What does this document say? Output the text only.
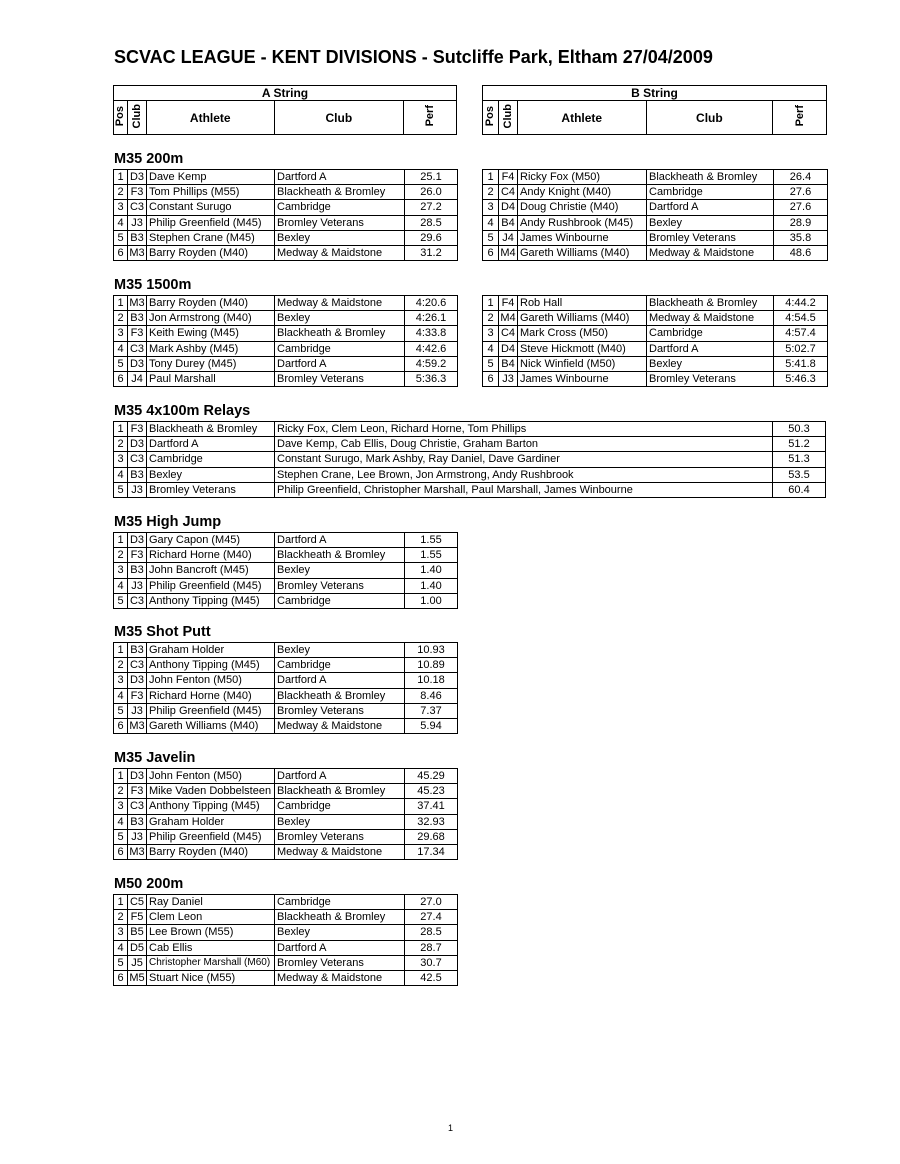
SCVAC LEAGUE - KENT DIVISIONS - Sutcliffe Park, Eltham 27/04/2009
A String
Pos	Club	Athlete	Club	Perf
B String
Pos	Club	Athlete	Club	Perf
M35 200m
1	D3	Dave Kemp	Dartford A	25.1
2	F3	Tom Phillips (M55)	Blackheath & Bromley	26.0
3	C3	Constant Surugo	Cambridge	27.2
4	J3	Philip Greenfield (M45)	Bromley Veterans	28.5
5	B3	Stephen Crane (M45)	Bexley	29.6
6	M3	Barry Royden (M40)	Medway & Maidstone	31.2
1	F4	Ricky Fox (M50)	Blackheath & Bromley	26.4
2	C4	Andy Knight (M40)	Cambridge	27.6
3	D4	Doug Christie (M40)	Dartford A	27.6
4	B4	Andy Rushbrook (M45)	Bexley	28.9
5	J4	James Winbourne	Bromley Veterans	35.8
6	M4	Gareth Williams (M40)	Medway & Maidstone	48.6
M35 1500m
1	M3	Barry Royden (M40)	Medway & Maidstone	4:20.6
2	B3	Jon Armstrong (M40)	Bexley	4:26.1
3	F3	Keith Ewing (M45)	Blackheath & Bromley	4:33.8
4	C3	Mark Ashby (M45)	Cambridge	4:42.6
5	D3	Tony Durey (M45)	Dartford A	4:59.2
6	J4	Paul Marshall	Bromley Veterans	5:36.3
1	F4	Rob Hall	Blackheath & Bromley	4:44.2
2	M4	Gareth Williams (M40)	Medway & Maidstone	4:54.5
3	C4	Mark Cross (M50)	Cambridge	4:57.4
4	D4	Steve Hickmott (M40)	Dartford A	5:02.7
5	B4	Nick Winfield (M50)	Bexley	5:41.8
6	J3	James Winbourne	Bromley Veterans	5:46.3
M35 4x100m Relays
1	F3	Blackheath & Bromley	Ricky Fox, Clem Leon, Richard Horne, Tom Phillips	50.3
2	D3	Dartford A	Dave Kemp, Cab Ellis, Doug Christie, Graham Barton	51.2
3	C3	Cambridge	Constant Surugo, Mark Ashby, Ray Daniel, Dave Gardiner	51.3
4	B3	Bexley	Stephen Crane, Lee Brown, Jon Armstrong, Andy Rushbrook	53.5
5	J3	Bromley Veterans	Philip Greenfield, Christopher Marshall, Paul Marshall, James Winbourne	60.4
M35 High Jump
1	D3	Gary Capon (M45)	Dartford A	1.55
2	F3	Richard Horne (M40)	Blackheath & Bromley	1.55
3	B3	John Bancroft (M45)	Bexley	1.40
4	J3	Philip Greenfield (M45)	Bromley Veterans	1.40
5	C3	Anthony Tipping (M45)	Cambridge	1.00
M35 Shot Putt
1	B3	Graham Holder	Bexley	10.93
2	C3	Anthony Tipping (M45)	Cambridge	10.89
3	D3	John Fenton (M50)	Dartford A	10.18
4	F3	Richard Horne (M40)	Blackheath & Bromley	8.46
5	J3	Philip Greenfield (M45)	Bromley Veterans	7.37
6	M3	Gareth Williams (M40)	Medway & Maidstone	5.94
M35 Javelin
1	D3	John Fenton (M50)	Dartford A	45.29
2	F3	Mike Vaden Dobbelsteen	Blackheath & Bromley	45.23
3	C3	Anthony Tipping (M45)	Cambridge	37.41
4	B3	Graham Holder	Bexley	32.93
5	J3	Philip Greenfield (M45)	Bromley Veterans	29.68
6	M3	Barry Royden (M40)	Medway & Maidstone	17.34
M50 200m
1	C5	Ray Daniel	Cambridge	27.0
2	F5	Clem Leon	Blackheath & Bromley	27.4
3	B5	Lee Brown (M55)	Bexley	28.5
4	D5	Cab Ellis	Dartford A	28.7
5	J5	Christopher Marshall (M60)	Bromley Veterans	30.7
6	M5	Stuart Nice (M55)	Medway & Maidstone	42.5
1
